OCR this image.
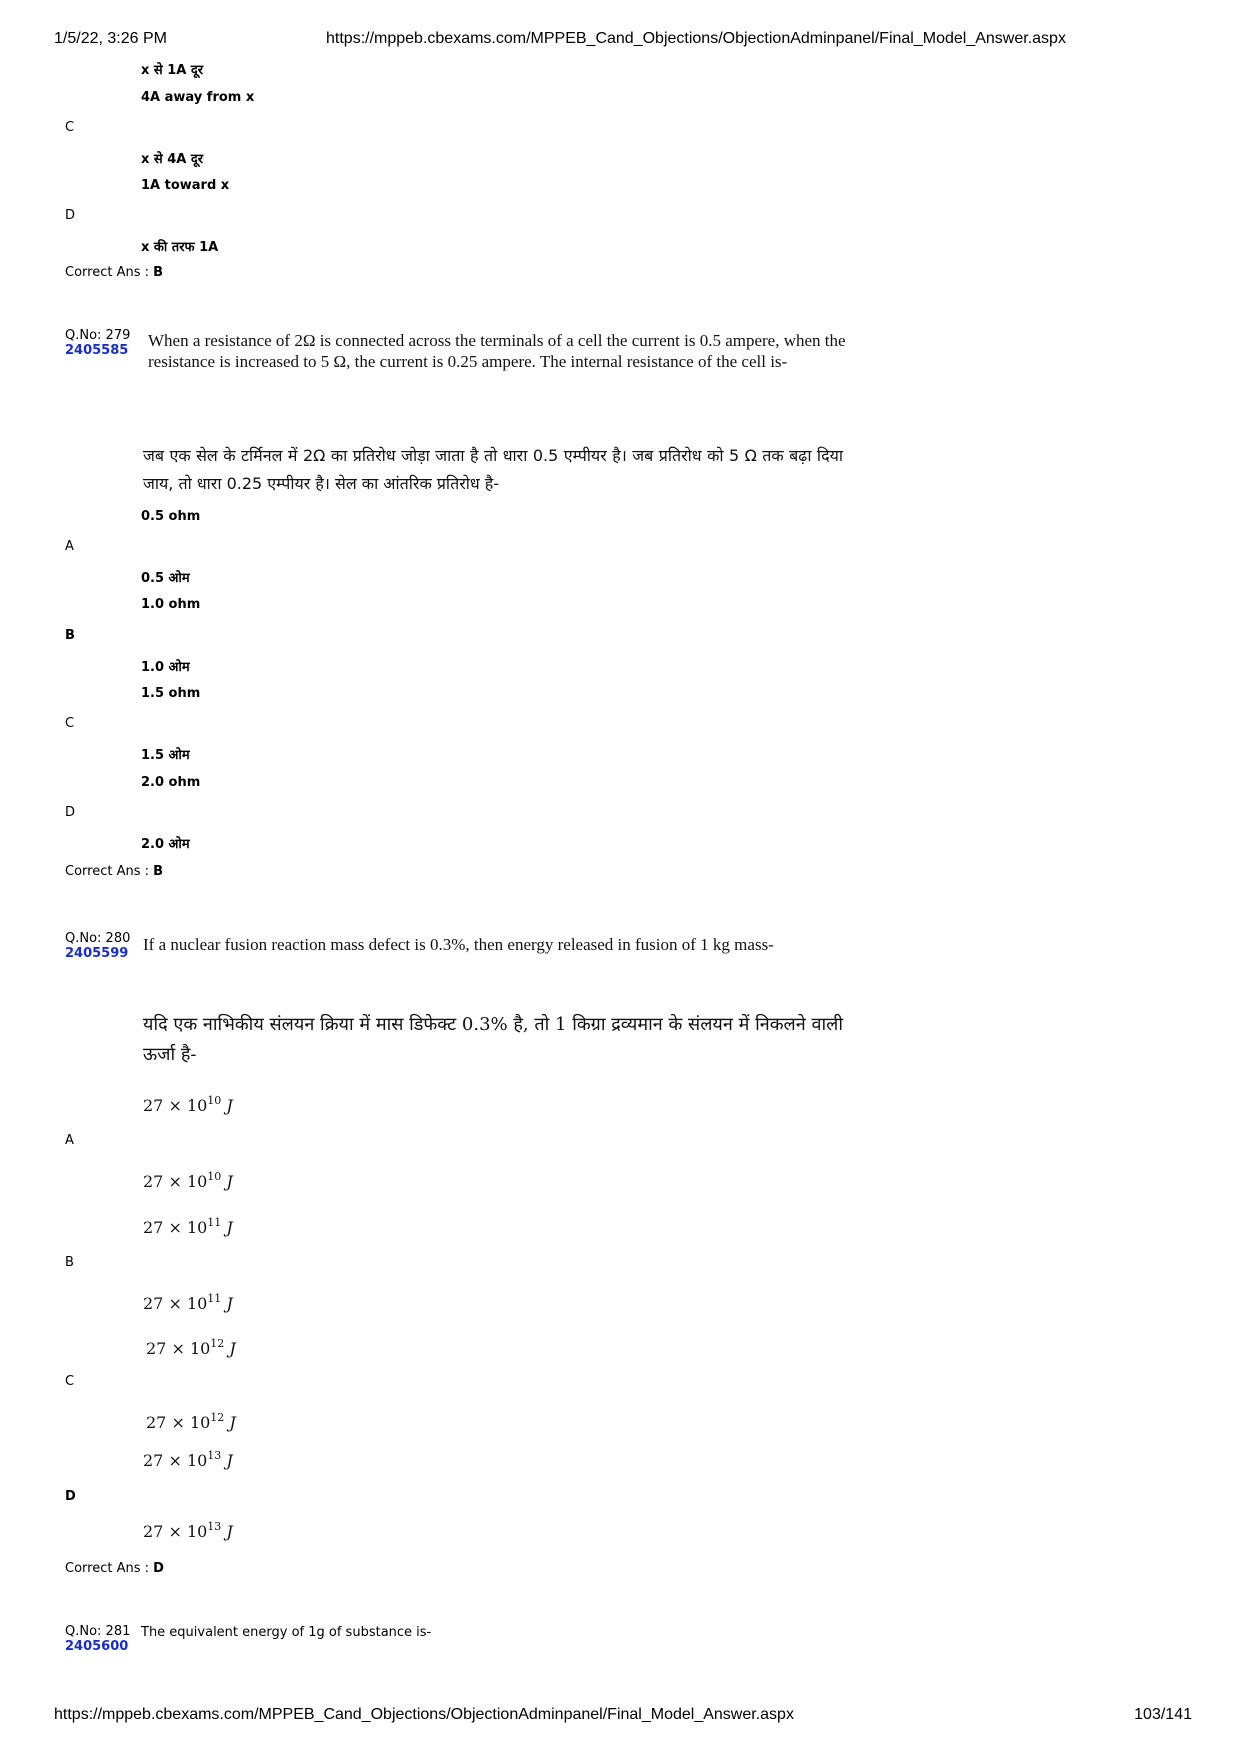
1/5/22, 3:26 PM	https://mppeb.cbexams.com/MPPEB_Cand_Objections/ObjectionAdminpanel/Final_Model_Answer.aspx
https://mppeb.cbexams.com/MPPEB_Cand_Objections/ObjectionAdminpanel/Final_Model_Answer.aspx	103/141
x से 1A दूर
4A away from x
C
x से 4A दूर
1A toward x
D
x की तरफ 1A
Correct Ans : B
Q.No: 279
2405585
When a resistance of 2Ω is connected across the terminals of a cell the current is 0.5 ampere, when the resistance is increased to 5 Ω, the current is 0.25 ampere. The internal resistance of the cell is-
जब एक सेल के टर्मिनल में 2Ω का प्रतिरोध जोड़ा जाता है तो धारा 0.5 एम्पीयर है। जब प्रतिरोध को 5 Ω तक बढ़ा दिया जाय, तो धारा 0.25 एम्पीयर है। सेल का आंतरिक प्रतिरोध है-
0.5 ohm
A
0.5 ओम
1.0 ohm
B
1.0 ओम
1.5 ohm
C
1.5 ओम
2.0 ohm
D
2.0 ओम
Correct Ans : B
Q.No: 280
2405599 If a nuclear fusion reaction mass defect is 0.3%, then energy released in fusion of 1 kg mass-
यदि एक नाभिकीय संलयन क्रिया में मास डिफेक्ट 0.3% है, तो 1 किग्रा द्रव्यमान के संलयन में निकलने वाली ऊर्जा है-
$27 \times 10^{10}$ J
A
$27 \times 10^{10}$ J
$27 \times 10^{11}$ J
B
$27 \times 10^{11}$ J
$27 \times 10^{12}$ J
C
$27 \times 10^{12}$ J
$27 \times 10^{13}$ J
D
$27 \times 10^{13}$ J
Correct Ans : D
Q.No: 281
2405600
The equivalent energy of 1g of substance is-
